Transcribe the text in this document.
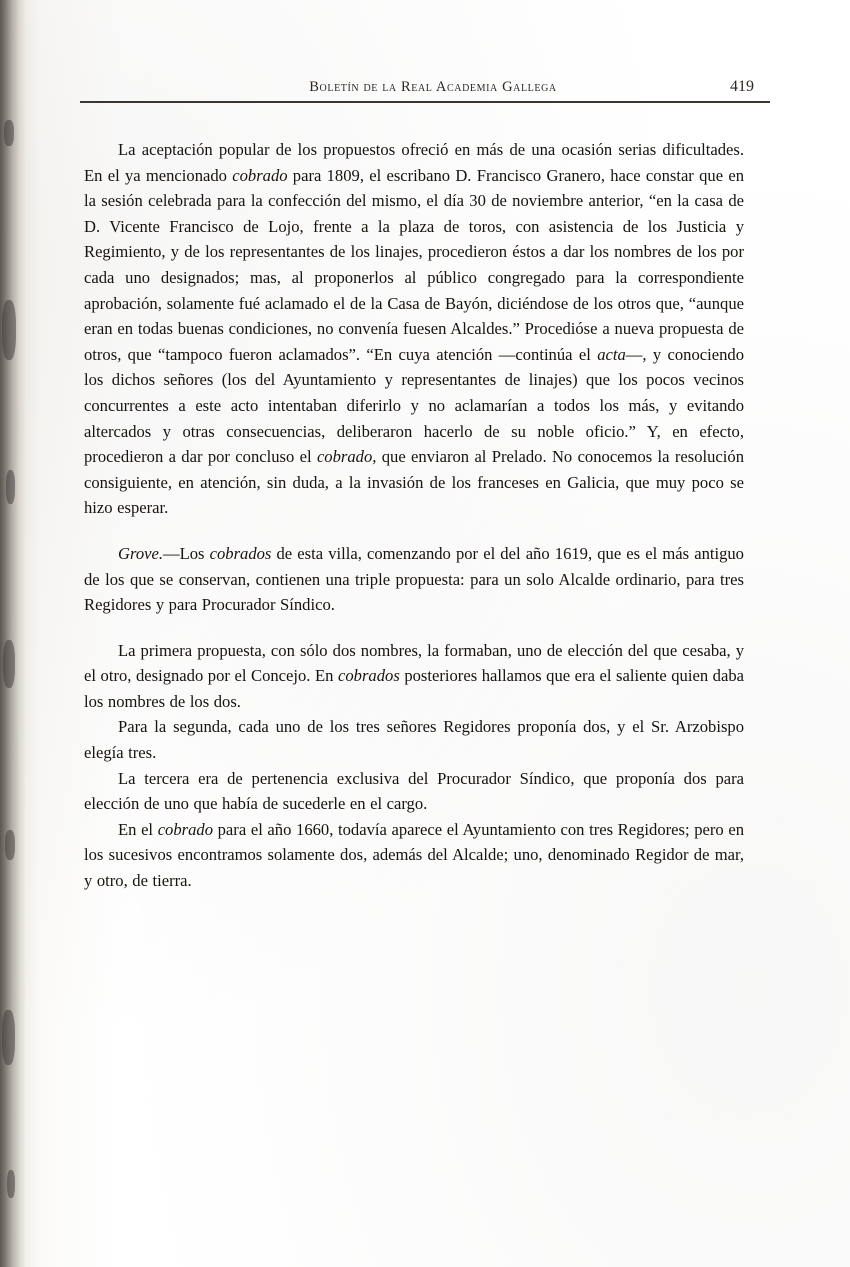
Boletín de la Real Academia Gallega	419

La aceptación popular de los propuestos ofreció en más de una ocasión serias dificultades. En el ya mencionado cobrado para 1809, el escribano D. Francisco Granero, hace constar que en la sesión celebrada para la confección del mismo, el día 30 de noviembre anterior, “en la casa de D. Vicente Francisco de Lojo, frente a la plaza de toros, con asistencia de los Justicia y Regimiento, y de los representantes de los linajes, procedieron éstos a dar los nombres de los por cada uno designados; mas, al proponerlos al público congregado para la correspondiente aprobación, solamente fué aclamado el de la Casa de Bayón, diciéndose de los otros que, “aunque eran en todas buenas condiciones, no convenía fuesen Alcaldes.” Procedióse a nueva propuesta de otros, que “tampoco fueron aclamados”. “En cuya atención —continúa el acta—, y conociendo los dichos señores (los del Ayuntamiento y representantes de linajes) que los pocos vecinos concurrentes a este acto intentaban diferirlo y no aclamarían a todos los más, y evitando altercados y otras consecuencias, deliberaron hacerlo de su noble oficio.” Y, en efecto, procedieron a dar por concluso el cobrado, que enviaron al Prelado. No conocemos la resolución consiguiente, en atención, sin duda, a la invasión de los franceses en Galicia, que muy poco se hizo esperar.

Grove.—Los cobrados de esta villa, comenzando por el del año 1619, que es el más antiguo de los que se conservan, contienen una triple propuesta: para un solo Alcalde ordinario, para tres Regidores y para Procurador Síndico.

La primera propuesta, con sólo dos nombres, la formaban, uno de elección del que cesaba, y el otro, designado por el Concejo. En cobrados posteriores hallamos que era el saliente quien daba los nombres de los dos.

Para la segunda, cada uno de los tres señores Regidores proponía dos, y el Sr. Arzobispo elegía tres.

La tercera era de pertenencia exclusiva del Procurador Síndico, que proponía dos para elección de uno que había de sucederle en el cargo.

En el cobrado para el año 1660, todavía aparece el Ayuntamiento con tres Regidores; pero en los sucesivos encontramos solamente dos, además del Alcalde; uno, denominado Regidor de mar, y otro, de tierra.
